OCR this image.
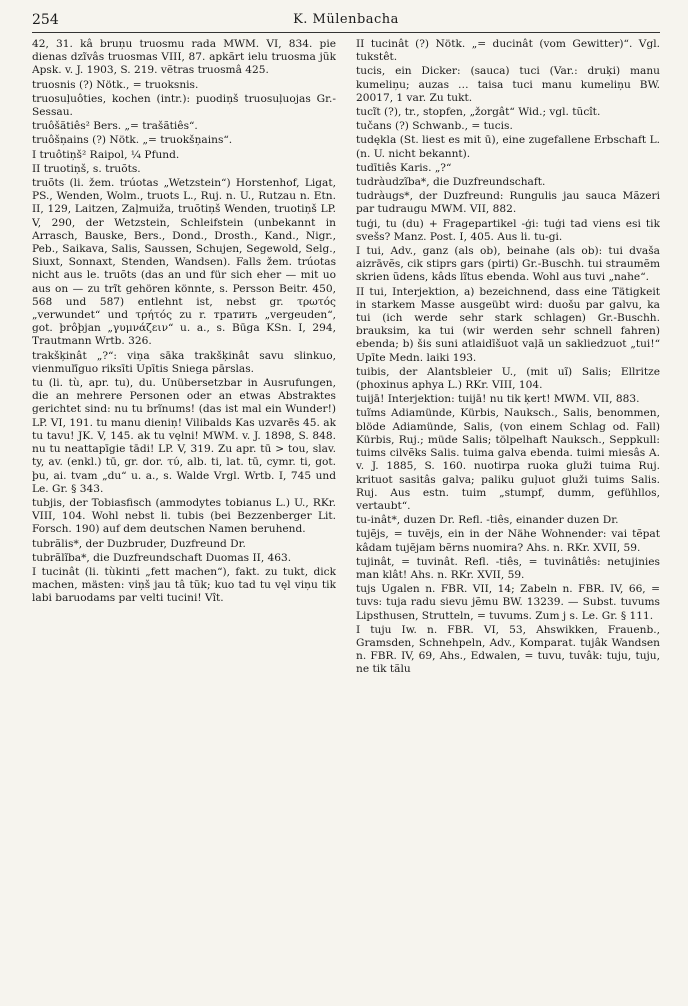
254	K. Mülenbacha

42, 31. kâ bruņu truosmu rada MWM. VI, 834. pie dienas dzĩvâs truosmas VIII, 87. apkãrt ielu truosma jũk Apsk. v. J. 1903, S. 219. vẽtras truosmâ 425.

truosnis (?) Nötk., = truoksnis.

truosuļuôties, kochen (intr.): puodiņš truosuļuojas Gr.-Sessau.

truôšãtiês² Bers. „= trašãtiês“.

truôšņains (?) Nötk. „= truokšņains“.

I truôtiņš² Raipol, ¼ Pfund.

II truotiņš, s. truõts.

truõts (li. žem. trúotas „Wetzstein“) Horstenhof, Ligat, PS., Wenden, Wolm., truots L., Ruj. n. U., Rutzau n. Etn. II, 129, Laitzen, Zaļmuiža, truõtiņš Wenden, truotiņš LP. V, 290, der Wetzstein, Schleifstein (unbekannt in Arrasch, Bauske, Bers., Dond., Drosth., Kand., Nigr., Peb., Saikava, Salis, Saussen, Schujen, Segewold, Selg., Siuxt, Sonnaxt, Stenden, Wandsen). Falls žem. trúotas nicht aus le. truõts (das an und für sich eher — mit uo aus on — zu trĩt gehören könnte, s. Persson Beitr. 450, 568 und 587) entlehnt ist, nebst gr. τρωτός „verwundet“ und τρήτός zu r. тратить „vergeuden“, got. þrôþjan „γυμνάζειν“ u. a., s. Būga KSn. I, 294, Trautmann Wrtb. 326.

trakšķinât „?“: viņa sāka trakšķinât savu slinkuo, vienmuľīguo riksīti Upītis Sniega pārslas.

tu (li. tù, apr. tu), du. Unübersetzbar in Ausrufungen, die an mehrere Personen oder an etwas Abstraktes gerichtet sind: nu tu brĩnums! (das ist mal ein Wunder!) LP. VI, 191. tu manu dieniņ! Vilibalds Kas uzvarēs 45. ak tu tavu! JK. V, 145. ak tu vęlni! MWM. v. J. 1898, S. 848. nu tu neattapīgie tādi! LP. V, 319. Zu apr. tū > tou, slav. ty, av. (enkl.) tū, gr. dor. τύ, alb. ti, lat. tū, cymr. ti, got. þu, ai. tvam „du“ u. a., s. Walde Vrgl. Wrtb. I, 745 und Le. Gr. § 343.

tubjis, der Tobiasfisch (ammodytes tobianus L.) U., RKr. VIII, 104. Wohl nebst li. tubis (bei Bezzenberger Lit. Forsch. 190) auf dem deutschen Namen beruhend.

tubrãlis*, der Duzbruder, Duzfreund Dr.

tubrãlĩba*, die Duzfreundschaft Duomas II, 463.

I tucinât (li. tùkinti „fett machen“), fakt. zu tukt, dick machen, mästen: viņš jau tâ tũk; kuo tad tu vęl viņu tik labi baruodams par velti tucini! Vît.

II tucinât (?) Nötk. „= ducinât (vom Gewitter)“. Vgl. tukstêt.

tucis, ein Dicker: (sauca) tuci (Var.: druķi) manu kumeliņu; auzas … taisa tuci manu kumeliņu BW. 20017, 1 var. Zu tukt.

tucĩt (?), tr., stopfen, „žorgât“ Wid.; vgl. tũcît.

tučans (?) Schwanb., = tucis.

tudękla (St. liest es mit ū), eine zugefallene Erbschaft L. (n. U. nicht bekannt).

tudītiês Karis. „?“

tudràudzĩba*, die Duzfreundschaft.

tudràugs*, der Duzfreund: Rungulis jau sauca Mãzeri par tudraugu MWM. VII, 882.

tuģi, tu (du) + Fragepartikel -ģi: tuģi tad viens esi tik svešs? Manz. Post. I, 405. Aus li. tu-gi.

I tui, Adv., ganz (als ob), beinahe (als ob): tui dvaša aizrāvẽs, cik stiprs gars (pirti) Gr.-Buschh. tui straumẽm skrien ũdens, kâds lĩtus ebenda. Wohl aus tuvi „nahe“.

II tui, Interjektion, a) bezeichnend, dass eine Tätigkeit in starkem Masse ausgeübt wird: duošu par galvu, ka tui (ich werde sehr stark schlagen) Gr.-Buschh. brauksim, ka tui (wir werden sehr schnell fahren) ebenda; b) šis suni atlaidīšuot vaļā un sakliedzuot „tui!“ Upīte Medn. laiki 193.

tuibis, der Alantsbleier U., (mit uĩ) Salis; Ellritze (phoxinus aphya L.) RKr. VIII, 104.

tuijā! Interjektion: tuijā! nu tik ķert! MWM. VII, 883.

tuĩms Adiamünde, Kürbis, Nauksch., Salis, benommen, blöde Adiamünde, Salis, (von einem Schlag od. Fall) Kürbis, Ruj.; müde Salis; tölpelhaft Nauksch., Seppkull: tuims cilvẽks Salis. tuima galva ebenda. tuimi miesâs A. v. J. 1885, S. 160. nuotirpa ruoka gluži tuima Ruj. krituot sasitâs galva; paliku guļuot gluži tuims Salis. Ruj. Aus estn. tuim „stumpf, dumm, gefühllos, vertaubt“.

tu-inât*, duzen Dr. Refl. -tiês, einander duzen Dr.

tujẽjs, = tuvẽjs, ein in der Nähe Wohnender: vai tẽpat kâdam tujẽjam bẽrns nuomira? Ahs. n. RKr. XVII, 59.

tujinât, = tuvinât. Refl. -tiês, = tuvinâtiês: netujinies man klât! Ahs. n. RKr. XVII, 59.

tujs Ugalen n. FBR. VII, 14; Zabeln n. FBR. IV, 66, = tuvs: tuja radu sievu jẽmu BW. 13239. — Subst. tuvums Lipsthusen, Strutteln, = tuvums. Zum j s. Le. Gr. § 111.

I tuju Iw. n. FBR. VI, 53, Ahswikken, Frauenb., Gramsden, Schnehpeln, Adv., Komparat. tujâk Wandsen n. FBR. IV, 69, Ahs., Edwalen, = tuvu, tuvâk: tuju, tuju, ne tik tãlu
